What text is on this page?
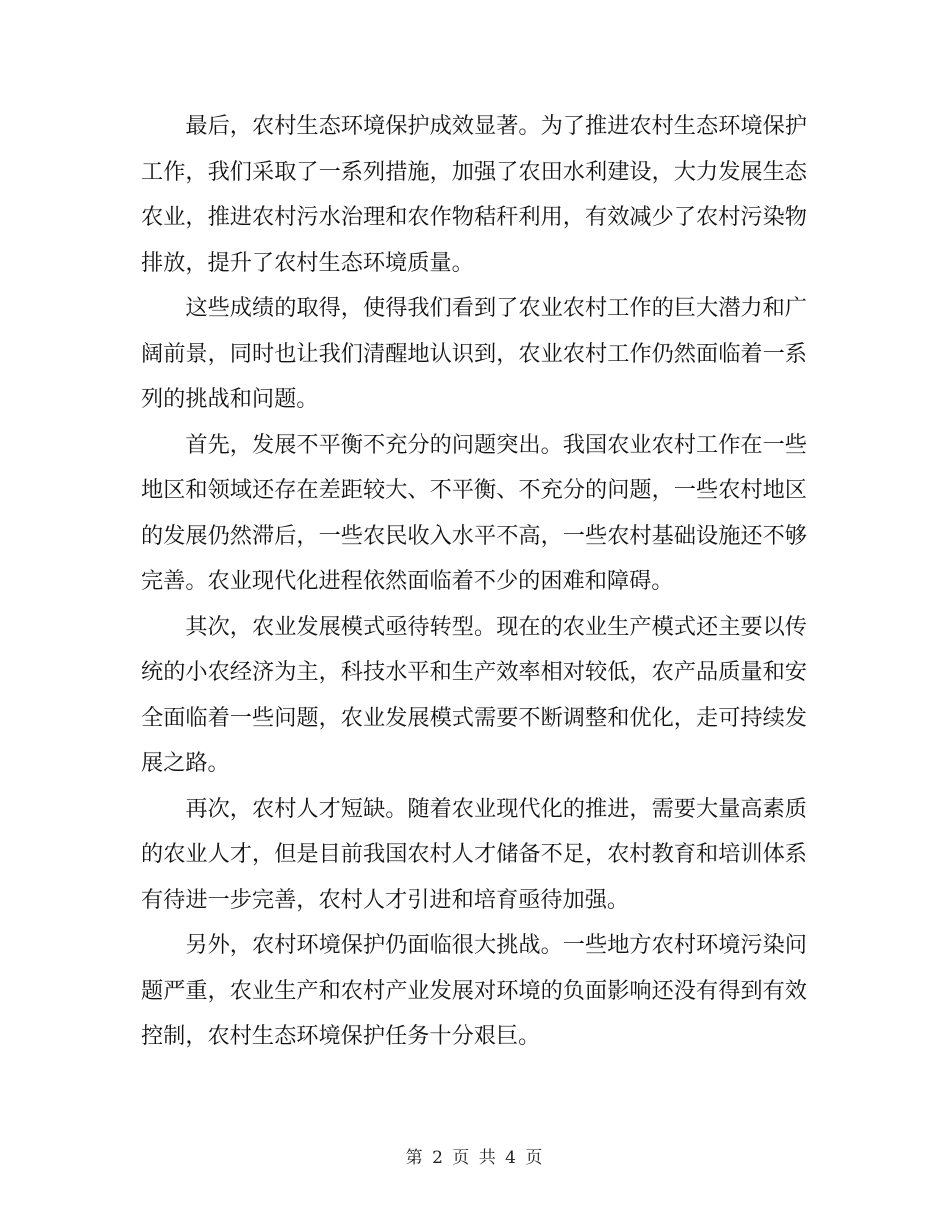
最后，农村生态环境保护成效显著。为了推进农村生态环境保护工作，我们采取了一系列措施，加强了农田水利建设，大力发展生态农业，推进农村污水治理和农作物秸秆利用，有效减少了农村污染物排放，提升了农村生态环境质量。

这些成绩的取得，使得我们看到了农业农村工作的巨大潜力和广阔前景，同时也让我们清醒地认识到，农业农村工作仍然面临着一系列的挑战和问题。

首先，发展不平衡不充分的问题突出。我国农业农村工作在一些地区和领域还存在差距较大、不平衡、不充分的问题，一些农村地区的发展仍然滞后，一些农民收入水平不高，一些农村基础设施还不够完善。农业现代化进程依然面临着不少的困难和障碍。

其次，农业发展模式亟待转型。现在的农业生产模式还主要以传统的小农经济为主，科技水平和生产效率相对较低，农产品质量和安全面临着一些问题，农业发展模式需要不断调整和优化，走可持续发展之路。

再次，农村人才短缺。随着农业现代化的推进，需要大量高素质的农业人才，但是目前我国农村人才储备不足，农村教育和培训体系有待进一步完善，农村人才引进和培育亟待加强。

另外，农村环境保护仍面临很大挑战。一些地方农村环境污染问题严重，农业生产和农村产业发展对环境的负面影响还没有得到有效控制，农村生态环境保护任务十分艰巨。

第 2 页 共 4 页
